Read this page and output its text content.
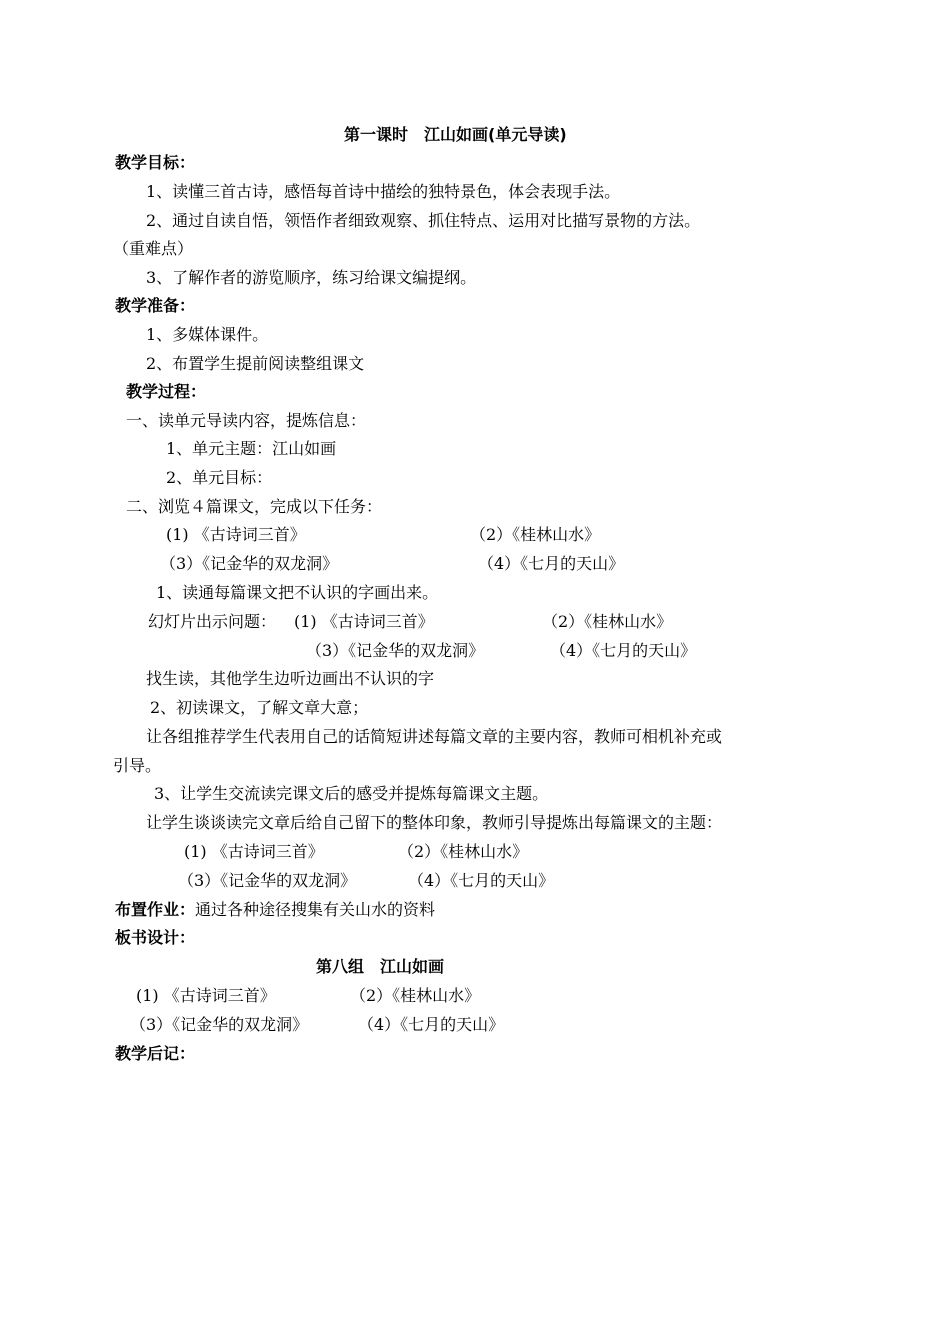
第一课时　江山如画(单元导读)
教学目标：
1、读懂三首古诗，感悟每首诗中描绘的独特景色，体会表现手法。
2、通过自读自悟，领悟作者细致观察、抓住特点、运用对比描写景物的方法。
（重难点）
3、了解作者的游览顺序，练习给课文编提纲。
教学准备：
1、多媒体课件。
2、布置学生提前阅读整组课文
教学过程：
一、读单元导读内容，提炼信息：
1、单元主题：江山如画
2、单元目标：
二、浏览４篇课文，完成以下任务：
(1) 《古诗词三首》	（2）《桂林山水》
（3）《记金华的双龙洞》	（4）《七月的天山》
1、读通每篇课文把不认识的字画出来。
幻灯片出示问题： (1) 《古诗词三首》	（2）《桂林山水》
（3）《记金华的双龙洞》	（4）《七月的天山》
找生读，其他学生边听边画出不认识的字
2、初读课文，了解文章大意；
让各组推荐学生代表用自己的话简短讲述每篇文章的主要内容，教师可相机补充或
引导。
3、让学生交流读完课文后的感受并提炼每篇课文主题。
让学生谈谈读完文章后给自己留下的整体印象，教师引导提炼出每篇课文的主题：
(1) 《古诗词三首》	（2）《桂林山水》
（3）《记金华的双龙洞》	（4）《七月的天山》
布置作业：通过各种途径搜集有关山水的资料
板书设计：
第八组　江山如画
(1) 《古诗词三首》	（2）《桂林山水》
（3）《记金华的双龙洞》	（4）《七月的天山》
教学后记：
